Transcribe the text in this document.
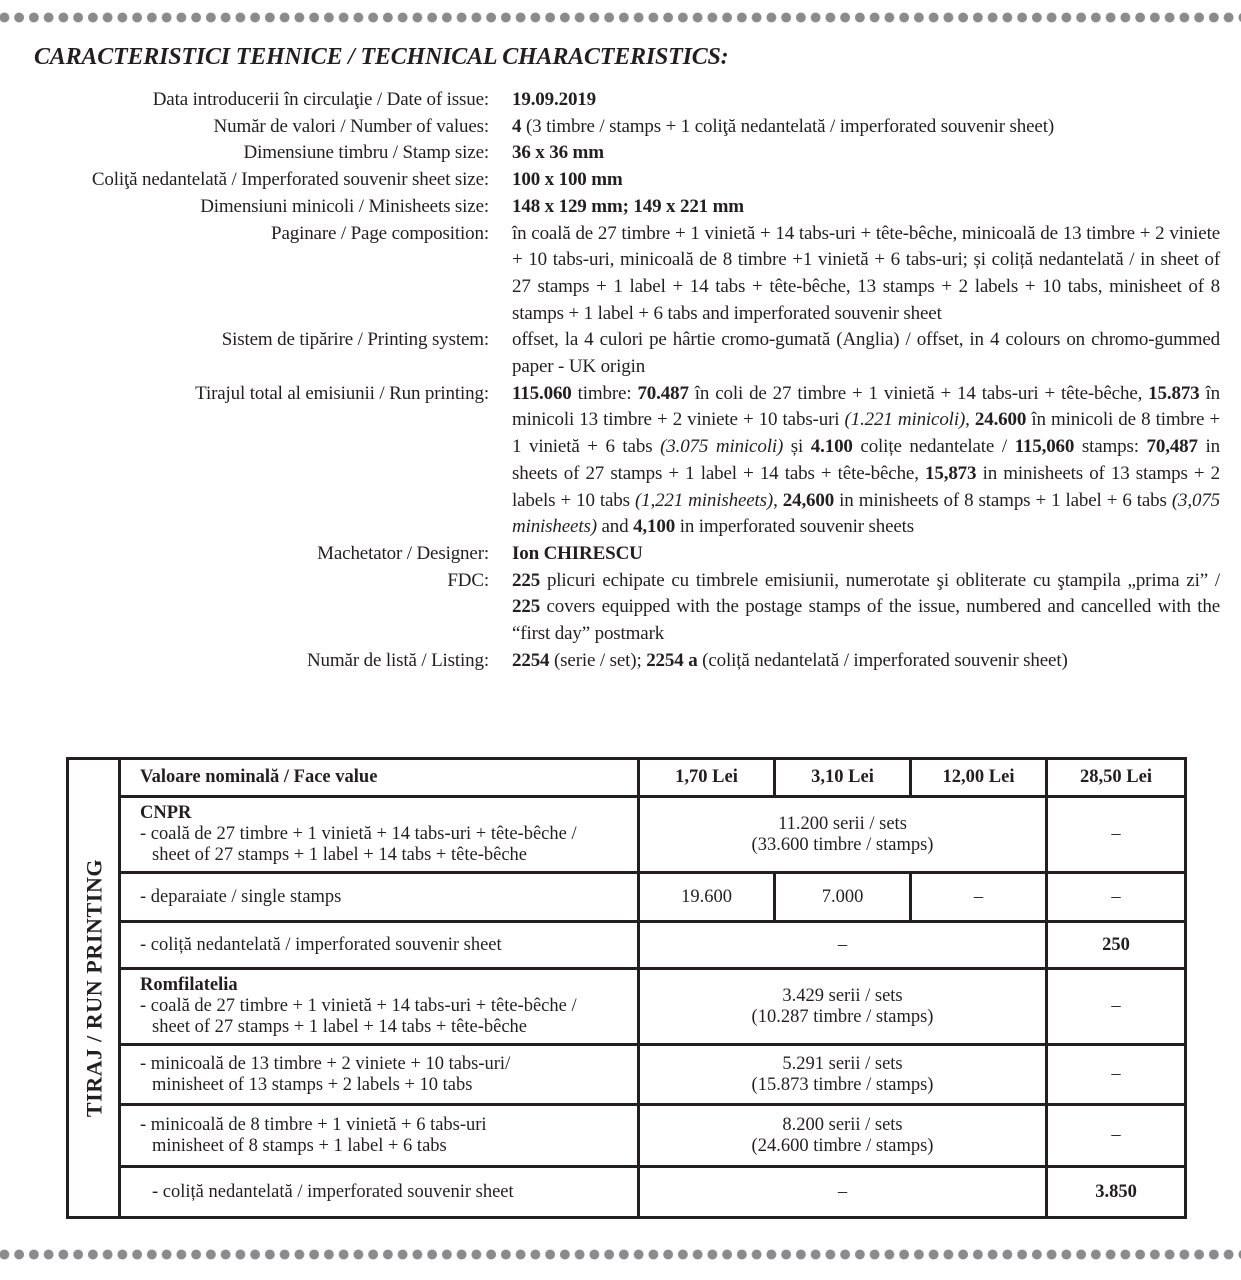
CARACTERISTICI TEHNICE / TECHNICAL CHARACTERISTICS:
Data introducerii în circulaţie / Date of issue: 19.09.2019
Număr de valori / Number of values: 4 (3 timbre / stamps + 1 coliţă nedantelată / imperforated souvenir sheet)
Dimensiune timbru / Stamp size: 36 x 36 mm
Coliţă nedantelată / Imperforated souvenir sheet size: 100 x 100 mm
Dimensiuni minicoli / Minisheets size: 148 x 129 mm; 149 x 221 mm
Paginare / Page composition: în coală de 27 timbre + 1 vinietă + 14 tabs-uri + tête-bêche, minicoală de 13 timbre + 2 viniete + 10 tabs-uri, minicoală de 8 timbre +1 vinietă + 6 tabs-uri; și coliță nedantelată / in sheet of 27 stamps + 1 label + 14 tabs + tête-bêche, 13 stamps + 2 labels + 10 tabs, minisheet of 8 stamps + 1 label + 6 tabs and imperforated souvenir sheet
Sistem de tipărire / Printing system: offset, la 4 culori pe hârtie cromo-gumată (Anglia) / offset, in 4 colours on chromo-gummed paper - UK origin
Tirajul total al emisiunii / Run printing: 115.060 timbre: 70.487 în coli de 27 timbre + 1 vinietă + 14 tabs-uri + tête-bêche, 15.873 în minicoli 13 timbre + 2 viniete + 10 tabs-uri (1.221 minicoli), 24.600 în minicoli de 8 timbre + 1 vinietă + 6 tabs (3.075 minicoli) și 4.100 colițe nedantelate / 115,060 stamps: 70,487 in sheets of 27 stamps + 1 label + 14 tabs + tête-bêche, 15,873 in minisheets of 13 stamps + 2 labels + 10 tabs (1,221 minisheets), 24,600 in minisheets of 8 stamps + 1 label + 6 tabs (3,075 minisheets) and 4,100 in imperforated souvenir sheets
Machetator / Designer: Ion CHIRESCU
FDC: 225 plicuri echipate cu timbrele emisiunii, numerotate şi obliterate cu ştampila „prima zi” / 225 covers equipped with the postage stamps of the issue, numbered and cancelled with the “first day” postmark
Număr de listă / Listing: 2254 (serie / set); 2254 a (coliță nedantelată / imperforated souvenir sheet)
TIRAJ / RUN PRINTING	Valoare nominală / Face value	1,70 Lei	3,10 Lei	12,00 Lei	28,50 Lei

	CNPR
- coală de 27 timbre + 1 vinietă + 14 tabs-uri + tête-bêche /
sheet of 27 stamps + 1 label + 14 tabs + tête-bêche	11.200 serii / sets
(33.600 timbre / stamps)			–
	- deparaiate / single stamps	19.600	7.000	–	–
	- coliță nedantelată / imperforated souvenir sheet	–			250

	Romfilatelia
- coală de 27 timbre + 1 vinietă + 14 tabs-uri + tête-bêche /
sheet of 27 stamps + 1 label + 14 tabs + tête-bêche	3.429 serii / sets
(10.287 timbre / stamps)			–

	- minicoală de 13 timbre + 2 viniete + 10 tabs-uri/
minisheet of 13 stamps + 2 labels + 10 tabs	5.291 serii / sets
(15.873 timbre / stamps)			–

	- minicoală de 8 timbre + 1 vinietă + 6 tabs-uri
minisheet of 8 stamps + 1 label + 6 tabs	8.200 serii / sets
(24.600 timbre / stamps)			–
	- coliță nedantelată / imperforated souvenir sheet	–			3.850
